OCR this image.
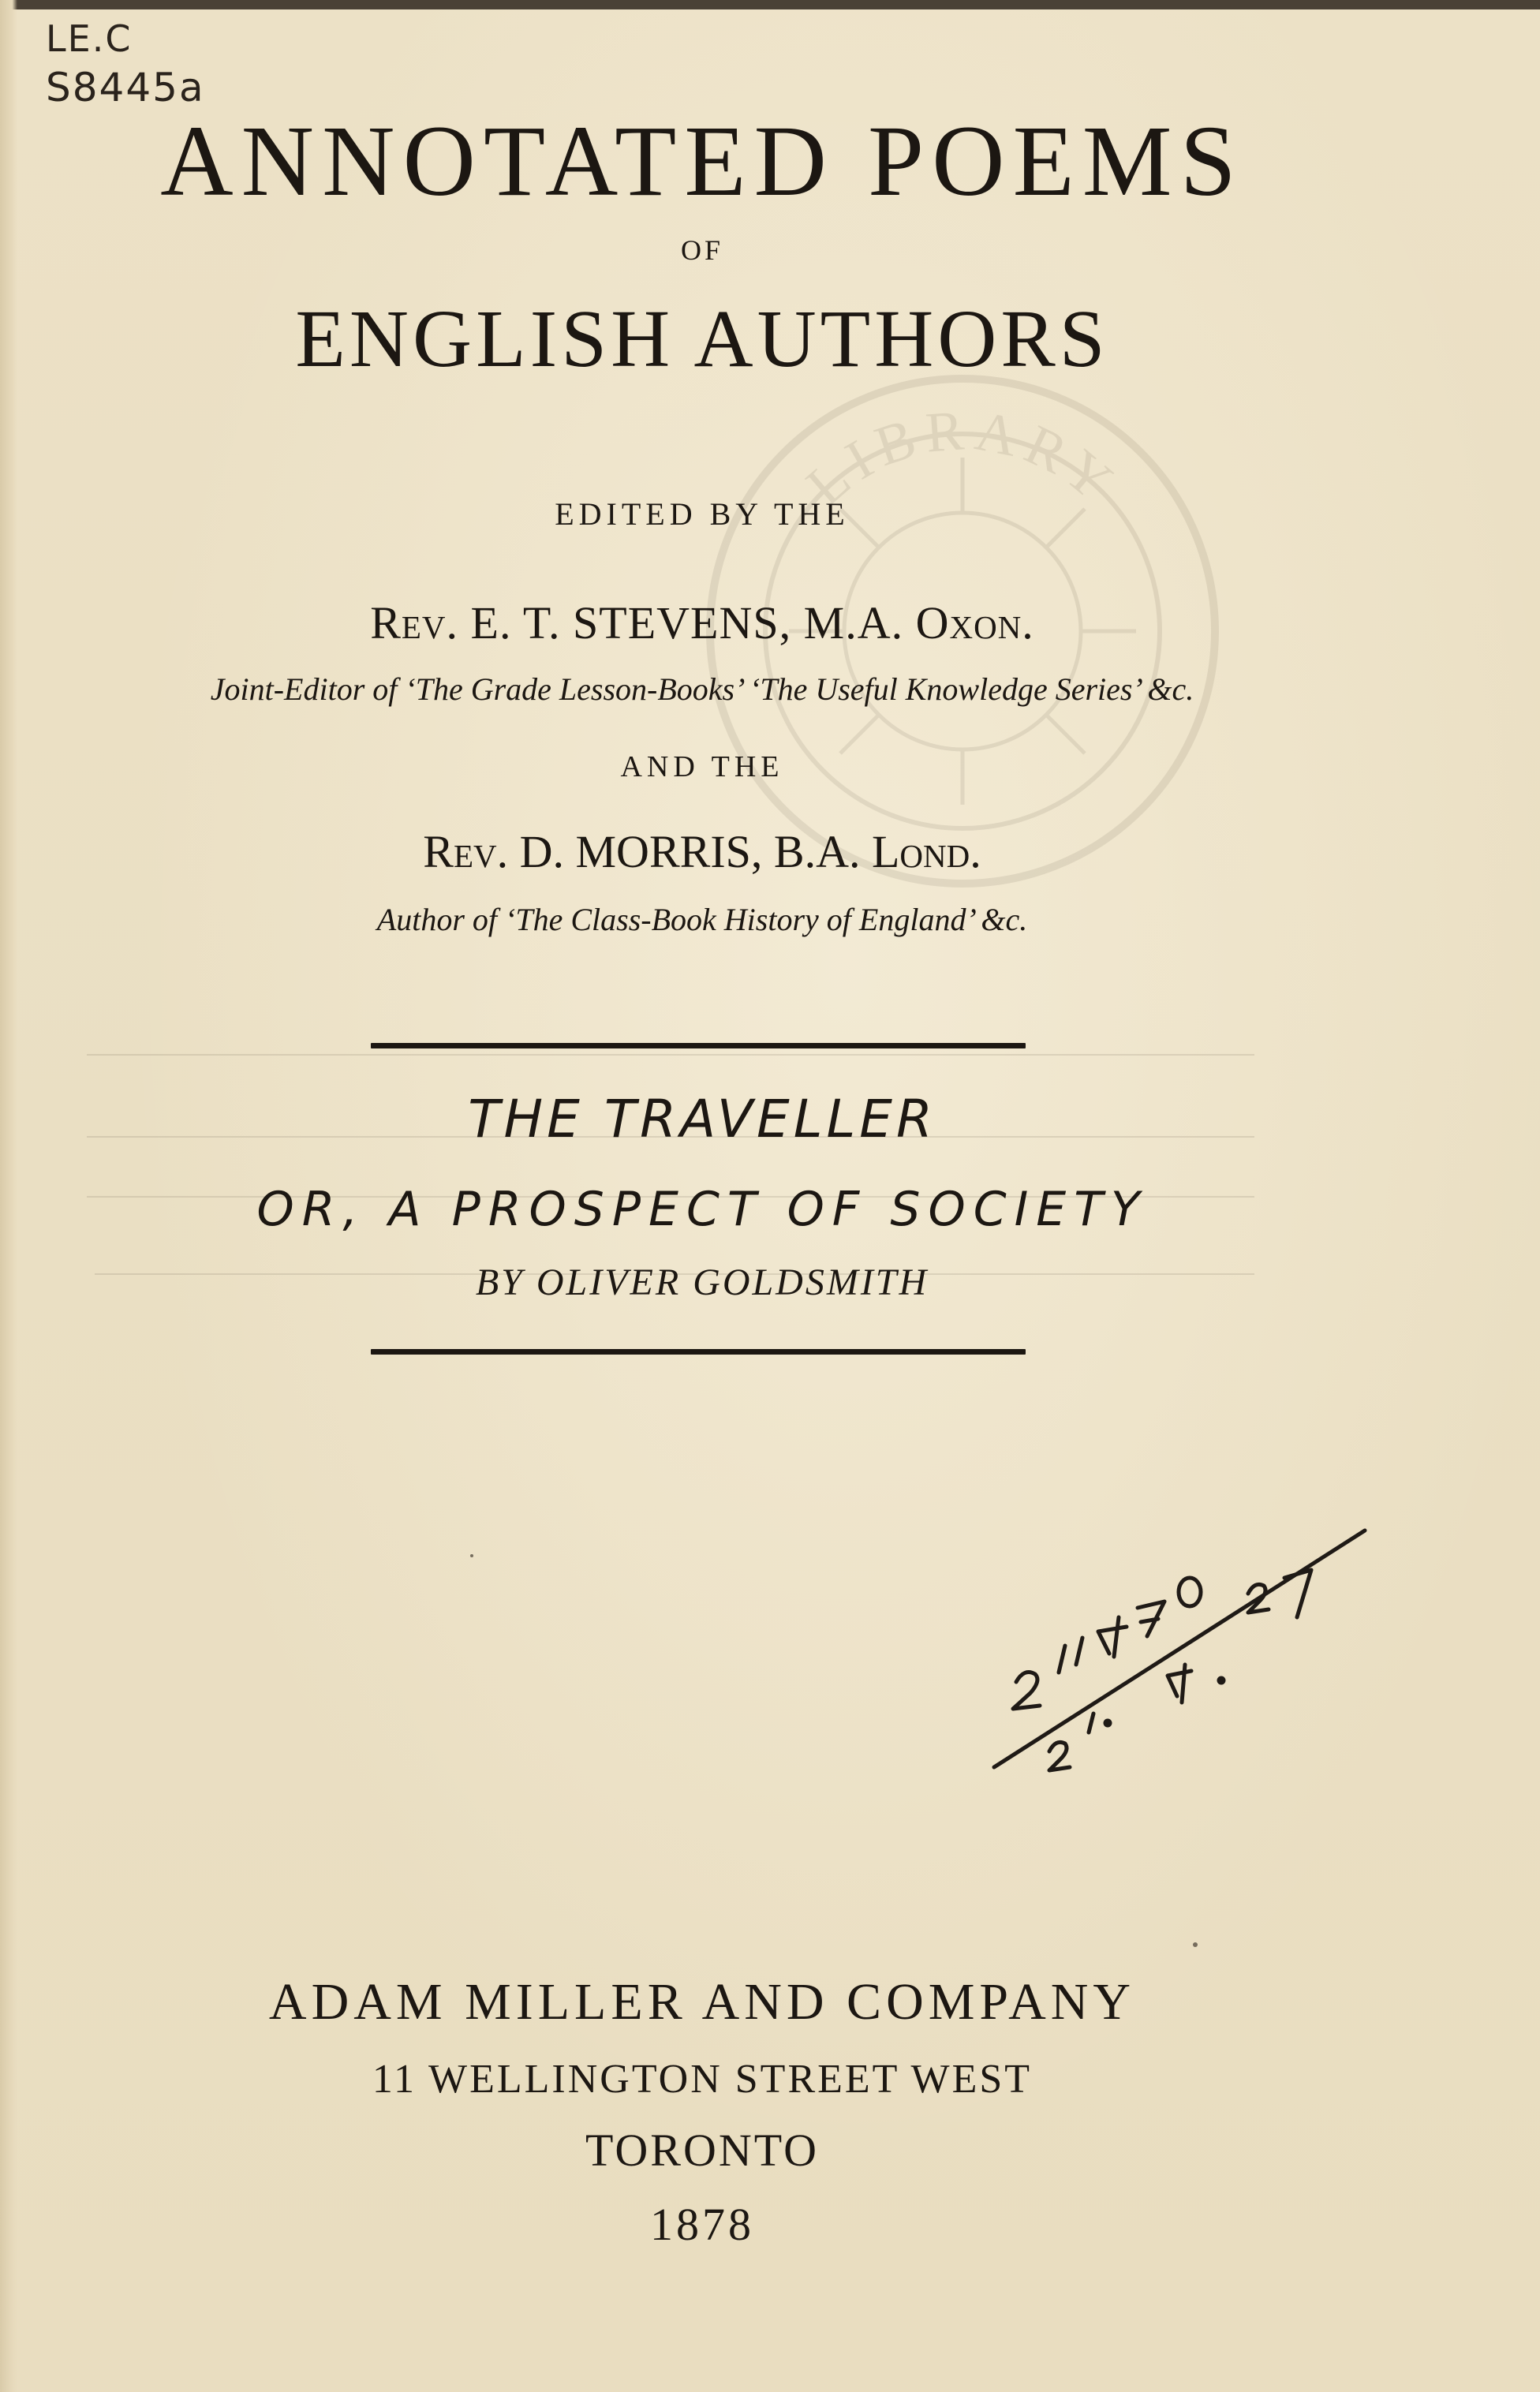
LIBRARY
LE.C
S8445a
ANNOTATED POEMS
OF
ENGLISH AUTHORS
EDITED BY THE
Rev. E. T. STEVENS, M.A. Oxon.
Joint-Editor of ‘The Grade Lesson-Books’ ‘The Useful Knowledge Series’ &c.
AND THE
Rev. D. MORRIS, B.A. Lond.
Author of ‘The Class-Book History of England’ &c.
THE TRAVELLER
OR, A PROSPECT OF SOCIETY
BY OLIVER GOLDSMITH
ADAM MILLER AND COMPANY
11 WELLINGTON STREET WEST
TORONTO
1878
